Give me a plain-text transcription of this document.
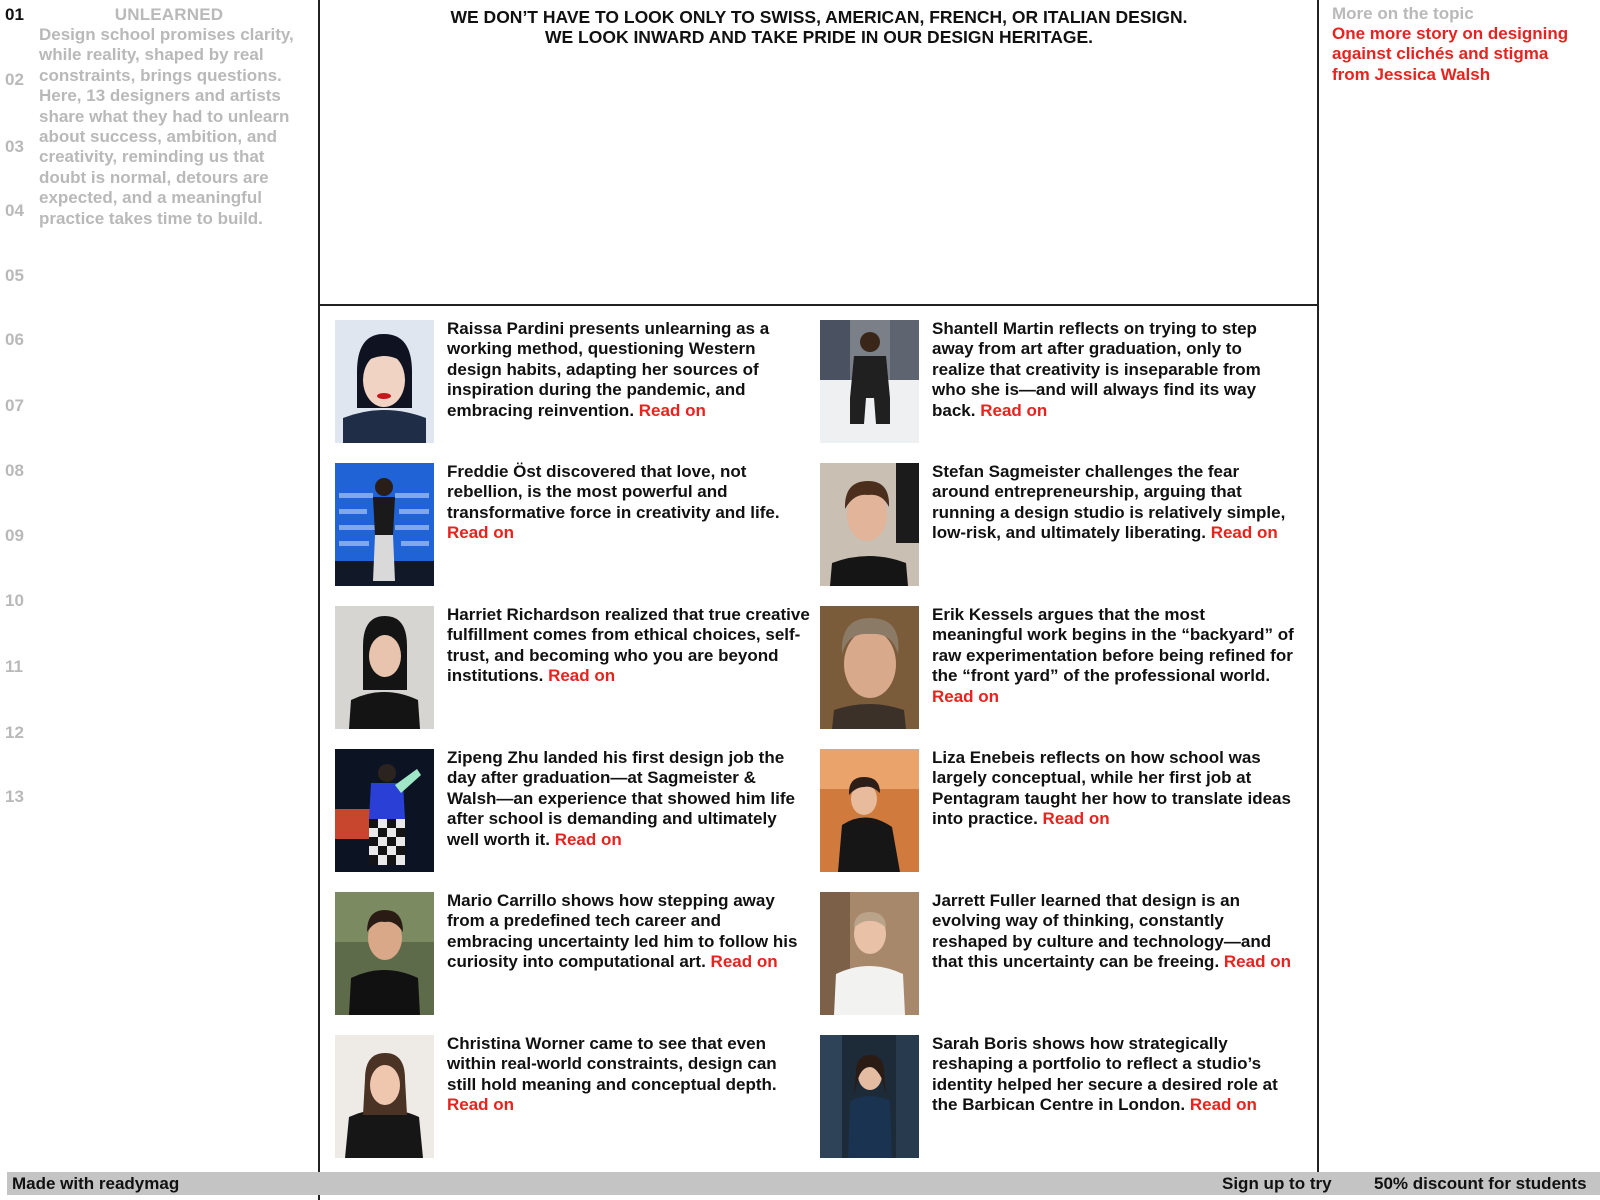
01
02
03
04
05
06
07
08
09
10
11
12
13
UNLEARNED

Design school promises clarity, while reality, shaped by real constraints, brings questions. Here, 13 designers and artists share what they had to unlearn about success, ambition, and creativity, reminding us that doubt is normal, detours are expected, and a meaningful practice takes time to build.

WE DON’T HAVE TO LOOK ONLY TO SWISS, AMERICAN, FRENCH, OR ITALIAN DESIGN.
WE LOOK INWARD AND TAKE PRIDE IN OUR DESIGN HERITAGE.

More on the topic

One more story on designing against clichés and stigma from Jessica Walsh

Raissa Pardini presents unlearning as a working method, questioning Western design habits, adapting her sources of inspiration during the pandemic, and embracing reinvention. Read on

Shantell Martin reflects on trying to step away from art after graduation, only to realize that creativity is inseparable from who she is—and will always find its way back. Read on

Freddie Öst discovered that love, not rebellion, is the most powerful and transformative force in creativity and life. Read on

Stefan Sagmeister challenges the fear around entrepreneurship, arguing that running a design studio is relatively simple, low-risk, and ultimately liberating. Read on

Harriet Richardson realized that true creative fulfillment comes from ethical choices, self-trust, and becoming who you are beyond institutions. Read on

Erik Kessels argues that the most meaningful work begins in the “backyard” of raw experimentation before being refined for the “front yard” of the professional world. Read on

Zipeng Zhu landed his first design job the day after graduation—at Sagmeister & Walsh—an experience that showed him life after school is demanding and ultimately well worth it. Read on

Liza Enebeis reflects on how school was largely conceptual, while her first job at Pentagram taught her how to translate ideas into practice. Read on

Mario Carrillo shows how stepping away from a predefined tech career and embracing uncertainty led him to follow his curiosity into computational art. Read on

Jarrett Fuller learned that design is an evolving way of thinking, constantly reshaped by culture and technology—and that this uncertainty can be freeing. Read on

Christina Worner came to see that even within real-world constraints, design can still hold meaning and conceptual depth. Read on

Sarah Boris shows how strategically reshaping a portfolio to reflect a studio’s identity helped her secure a desired role at the Barbican Centre in London. Read on

Made with readymag	Sign up to try 50% discount for students
